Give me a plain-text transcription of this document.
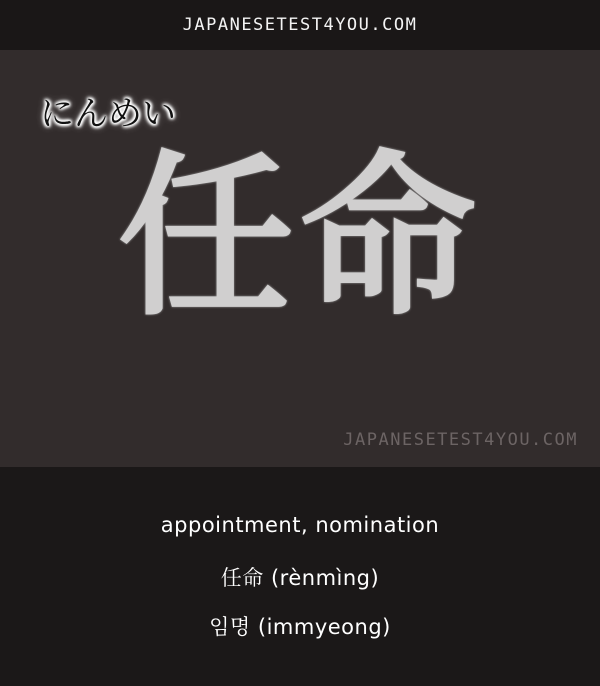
JAPANESETEST4YOU.COM
にんめい
任命
JAPANESETEST4YOU.COM
appointment, nomination
任命 (rènmìng)
임명 (immyeong)
